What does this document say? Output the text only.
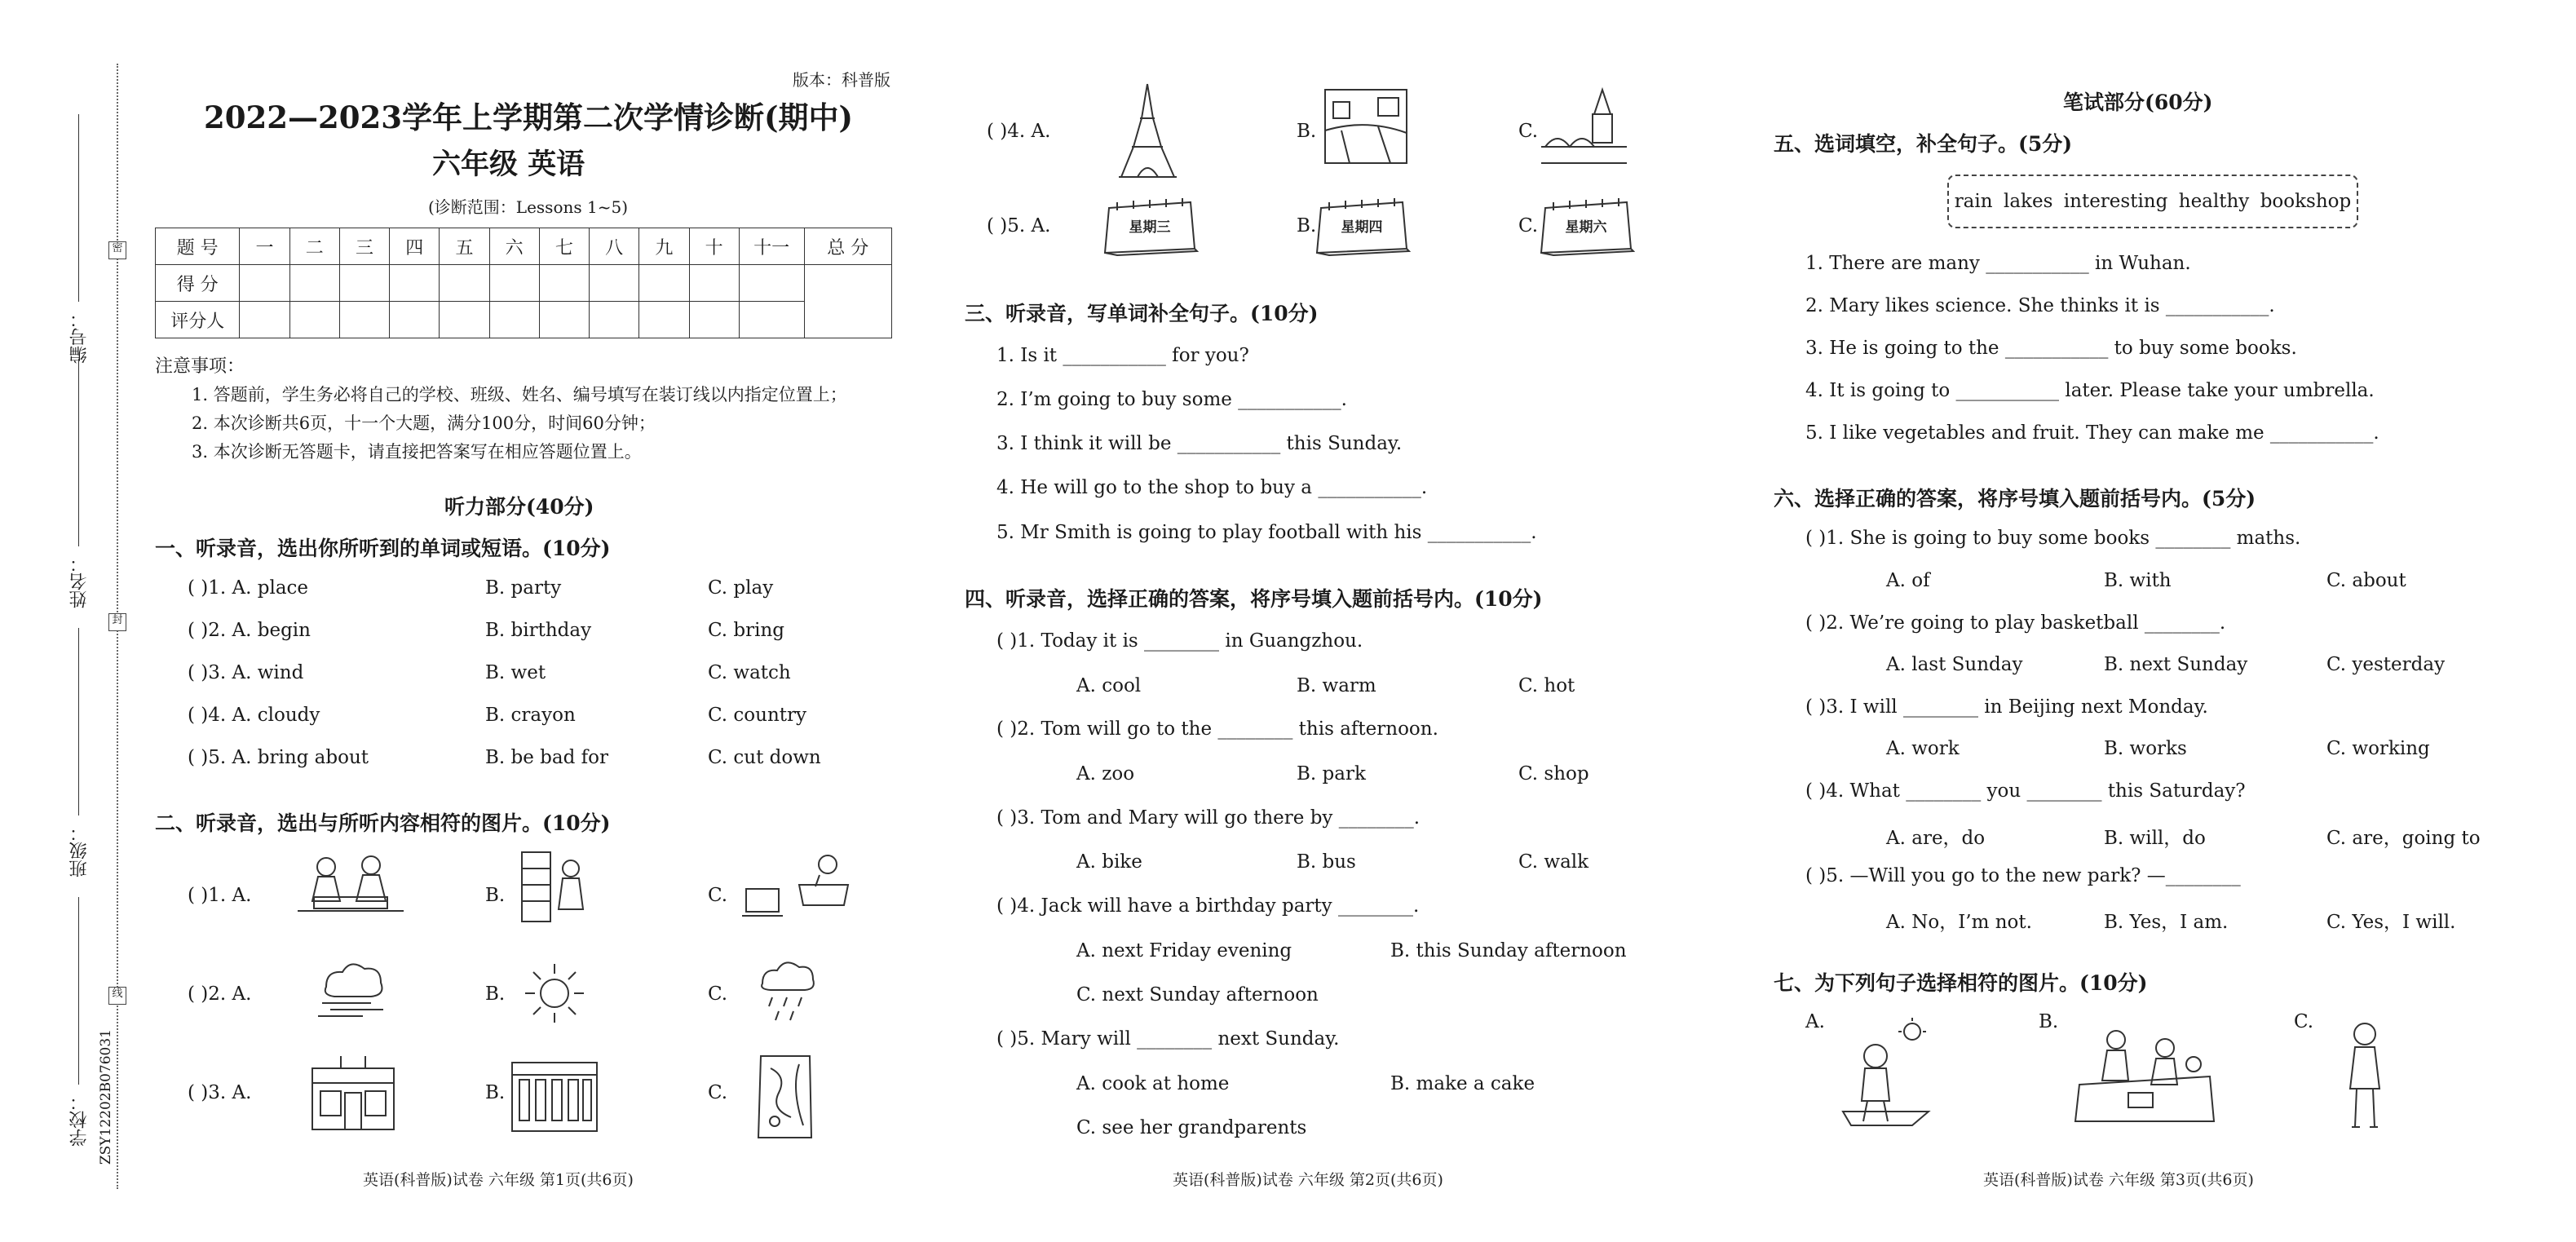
密
封
线
编号：
姓名：
班级：
学校： ZSY12202B076031
版本：科普版
2022—2023学年上学期第二次学情诊断(期中)
六年级 英语
(诊断范围：Lessons 1~5)
题 号	一	二	三	四	五	六	七	八	九	十	十一	总 分
得 分												
评分人												
注意事项：
1. 答题前，学生务必将自己的学校、班级、姓名、编号填写在装订线以内指定位置上；
2. 本次诊断共6页，十一个大题，满分100分，时间60分钟；
3. 本次诊断无答题卡，请直接把答案写在相应答题位置上。
听力部分(40分)
一、听录音，选出你所听到的单词或短语。(10分)
( )1. A. place	B. party	C. play
( )2. A. begin	B. birthday	C. bring
( )3. A. wind	B. wet	C. watch
( )4. A. cloudy	B. crayon	C. country
( )5. A. bring about	B. be bad for	C. cut down
二、听录音，选出与所听内容相符的图片。(10分)
( )1. A.	B.	C.
( )2. A.	B.	C.
( )3. A.	B.	C.
英语(科普版)试卷 六年级 第1页(共6页)
( )4. A.	B.	C.
( )5. A.	星期三	B. 星期四	C. 星期六
三、听录音，写单词补全句子。(10分)
1. Is it ___________ for you?
2. I’m going to buy some ___________.
3. I think it will be ___________ this Sunday.
4. He will go to the shop to buy a ___________.
5. Mr Smith is going to play football with his ___________.
四、听录音，选择正确的答案，将序号填入题前括号内。(10分)
( )1. Today it is ________ in Guangzhou.
A. cool	B. warm	C. hot
( )2. Tom will go to the ________ this afternoon.
A. zoo	B. park	C. shop
( )3. Tom and Mary will go there by ________.
A. bike	B. bus	C. walk
( )4. Jack will have a birthday party ________.
A. next Friday evening	B. this Sunday afternoon
C. next Sunday afternoon
( )5. Mary will ________ next Sunday.
A. cook at home	B. make a cake
C. see her grandparents
英语(科普版)试卷 六年级 第2页(共6页)
笔试部分(60分)
五、选词填空，补全句子。(5分)
rain lakes interesting healthy bookshop
1. There are many ___________ in Wuhan.
2. Mary likes science. She thinks it is ___________.
3. He is going to the ___________ to buy some books.
4. It is going to ___________ later. Please take your umbrella.
5. I like vegetables and fruit. They can make me ___________.
六、选择正确的答案，将序号填入题前括号内。(5分)
( )1. She is going to buy some books ________ maths.
A. of	B. with	C. about
( )2. We’re going to play basketball ________.
A. last Sunday	B. next Sunday	C. yesterday
( )3. I will ________ in Beijing next Monday.
A. work	B. works	C. working
( )4. What ________ you ________ this Saturday?
A. are，do	B. will，do	C. are，going to
( )5. —Will you go to the new park? —________
A. No，I’m not.	B. Yes，I am.	C. Yes，I will.
七、为下列句子选择相符的图片。(10分)
A.	B.	C.
英语(科普版)试卷 六年级 第3页(共6页)
